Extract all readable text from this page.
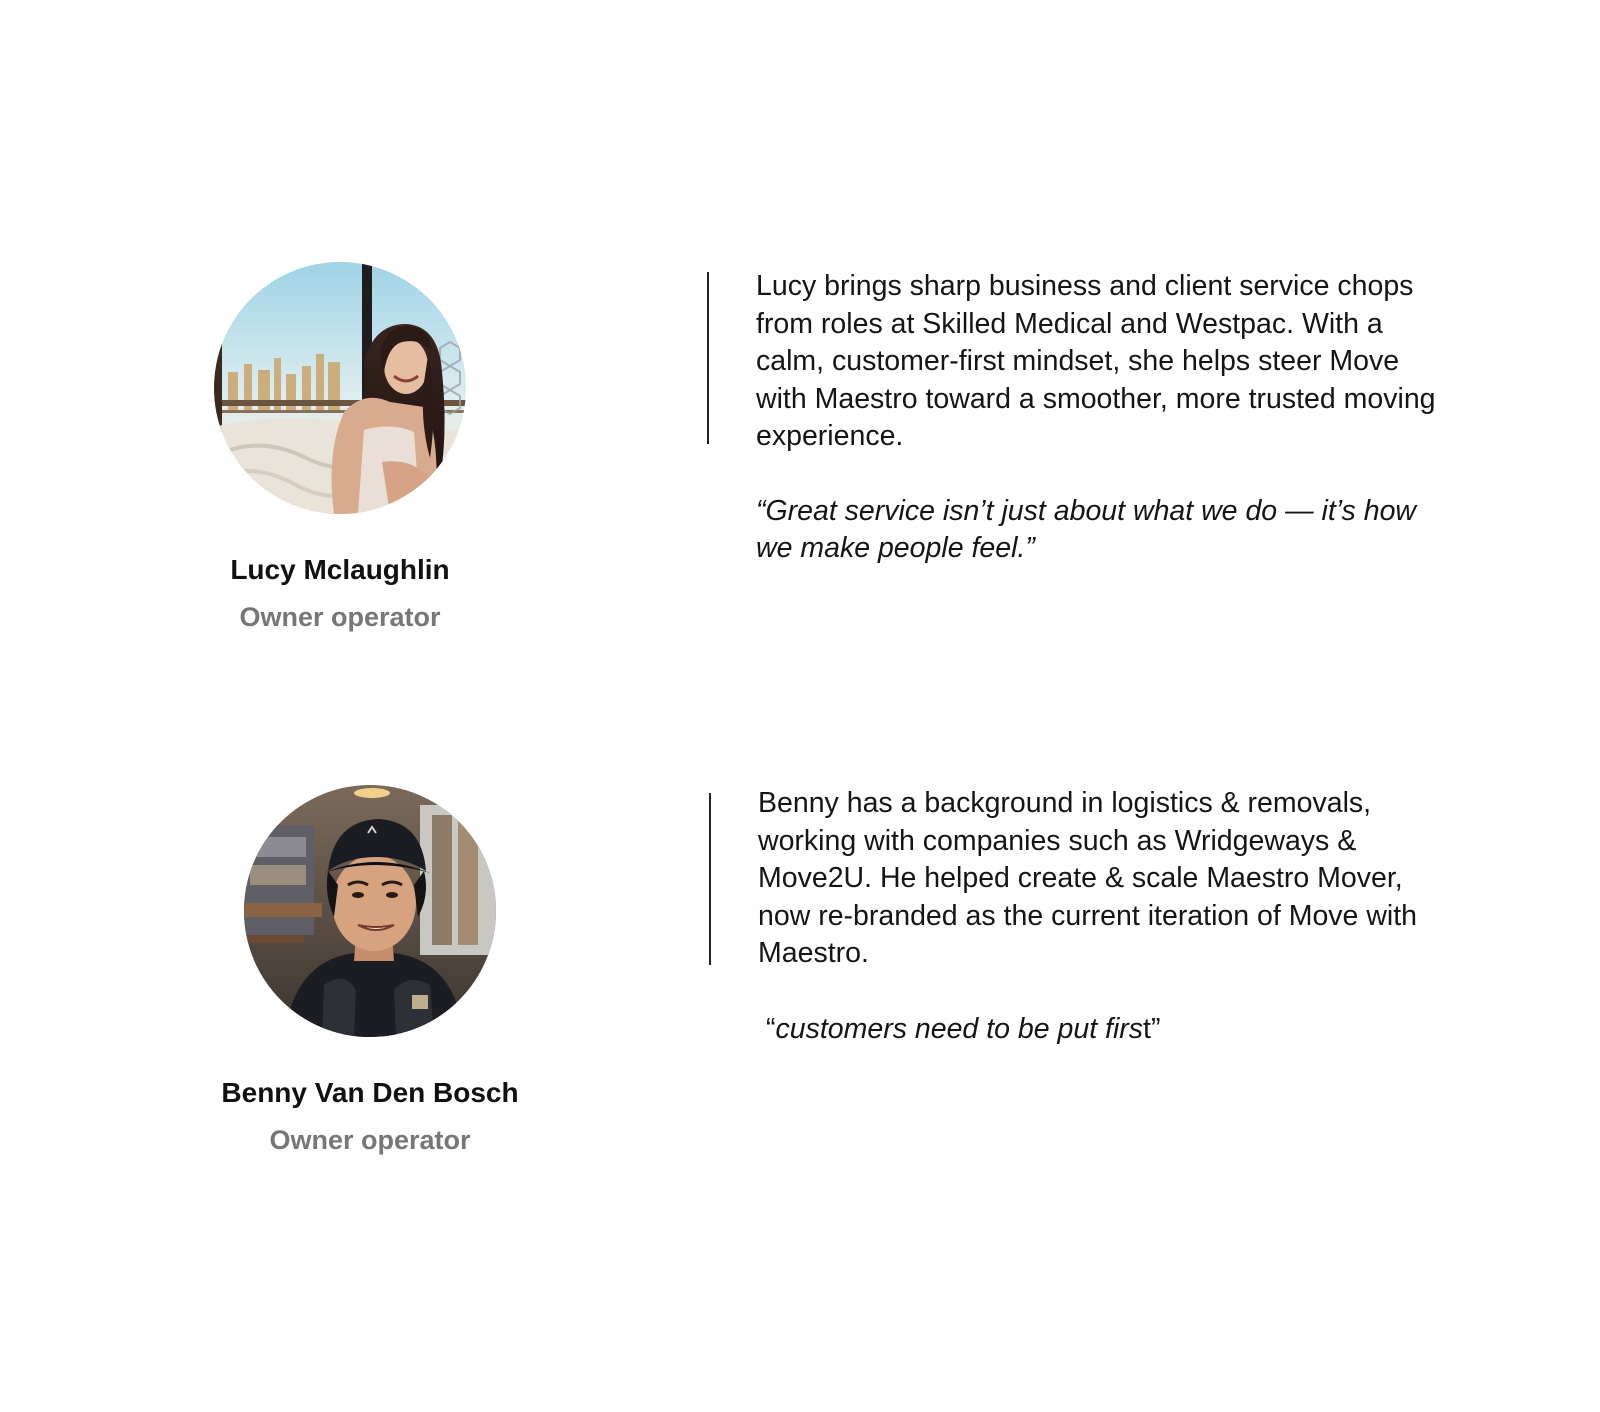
Lucy Mclaughlin
Owner operator

Lucy brings sharp business and client service chops from roles at Skilled Medical and Westpac. With a calm, customer-first mindset, she helps steer Move with Maestro toward a smoother, more trusted moving experience.

“Great service isn’t just about what we do — it’s how we make people feel.”

Benny Van Den Bosch
Owner operator

Benny has a background in logistics & removals, working with companies such as Wridgeways & Move2U. He helped create & scale Maestro Mover, now re-branded as the current iteration of Move with Maestro.

“customers need to be put first”
